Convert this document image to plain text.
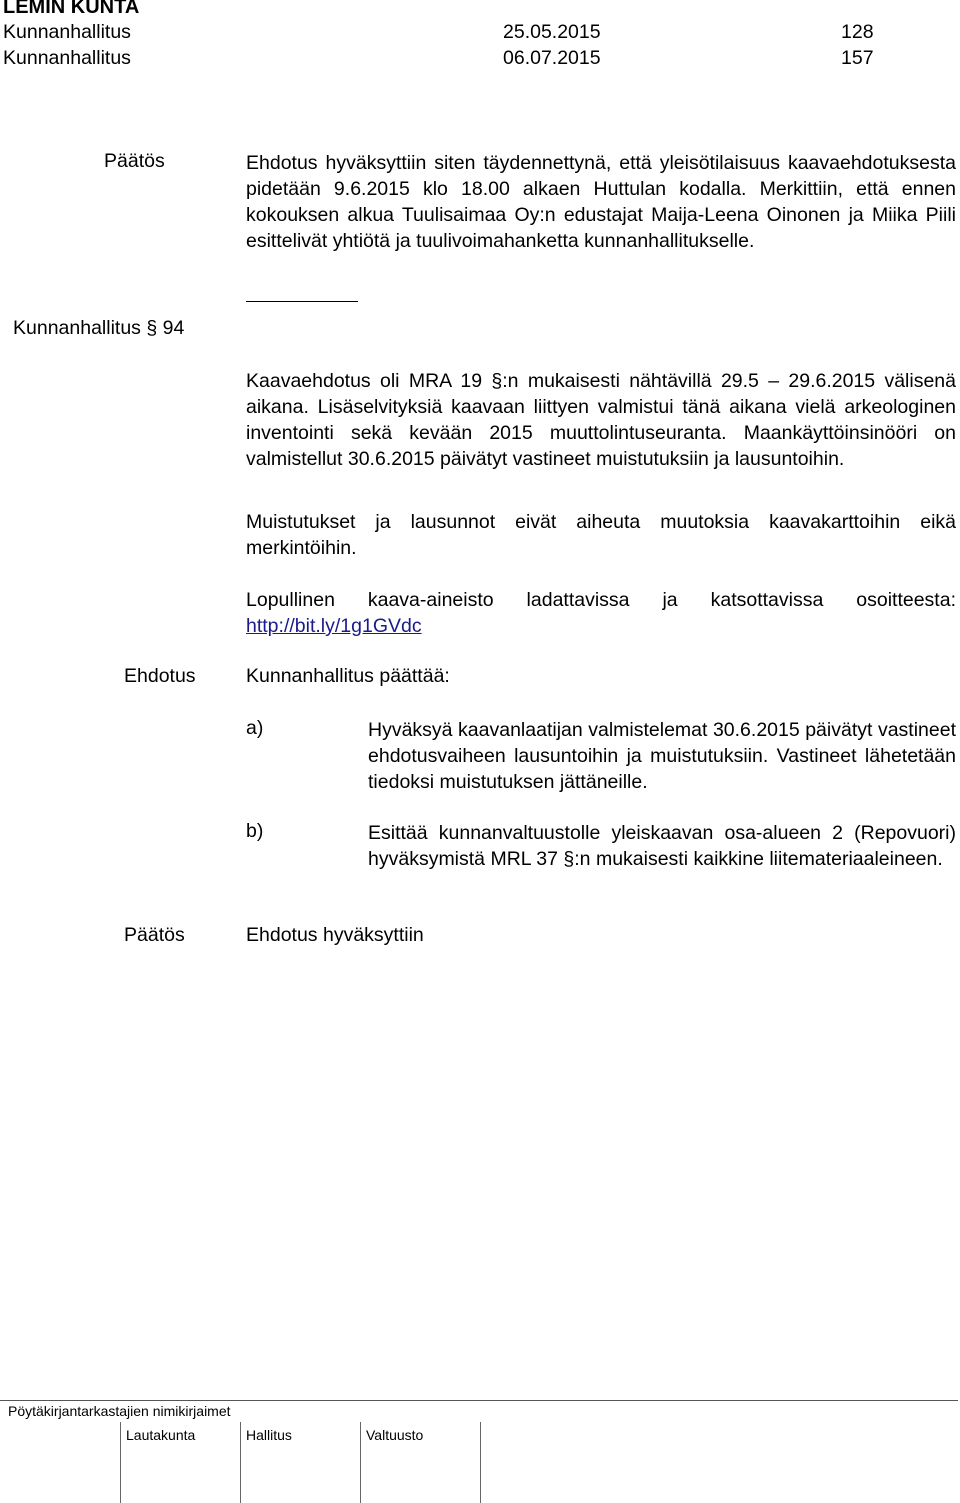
LEMIN KUNTA
Kunnanhallitus	25.05.2015	128
Kunnanhallitus	06.07.2015	157
Päätös	Ehdotus hyväksyttiin siten täydennettynä, että yleisötilaisuus kaavaehdotuksesta pidetään 9.6.2015 klo 18.00 alkaen Huttulan kodalla. Merkittiin, että ennen kokouksen alkua Tuulisaimaa Oy:n edustajat Maija-Leena Oinonen ja Miika Piili esittelivät yhtiötä ja tuulivoimahanketta kunnanhallitukselle.
Kunnanhallitus § 94
Kaavaehdotus oli MRA 19 §:n mukaisesti nähtävillä 29.5 – 29.6.2015 välisenä aikana. Lisäselvityksiä kaavaan liittyen valmistui tänä aikana vielä arkeologinen inventointi sekä kevään 2015 muuttolintuseuranta. Maankäyttöinsinööri on valmistellut 30.6.2015 päivätyt vastineet muistutuksiin ja lausuntoihin.
Muistutukset ja lausunnot eivät aiheuta muutoksia kaavakarttoihin eikä merkintöihin.
Lopullinen kaava-aineisto ladattavissa ja katsottavissa osoitteesta: http://bit.ly/1g1GVdc
Ehdotus	Kunnanhallitus päättää:
a)	Hyväksyä kaavanlaatijan valmistelemat 30.6.2015 päivätyt vastineet ehdotusvaiheen lausuntoihin ja muistutuksiin. Vastineet lähetetään tiedoksi muistutuksen jättäneille.
b)	Esittää kunnanvaltuustolle yleiskaavan osa-alueen 2 (Repovuori) hyväksymistä MRL 37 §:n mukaisesti kaikkine liitemateriaaleineen.
Päätös	Ehdotus hyväksyttiin
Pöytäkirjantarkastajien nimikirjaimet
Lautakunta	Hallitus	Valtuusto
